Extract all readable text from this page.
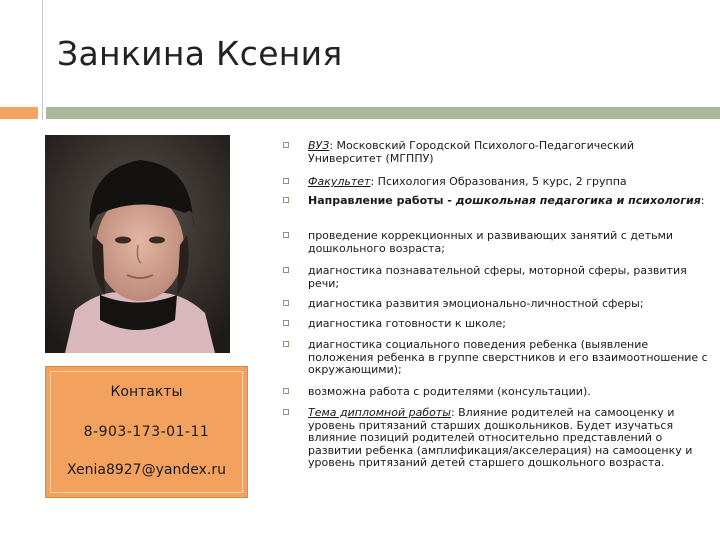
Занкина Ксения
Контакты
8-903-173-01-11
Xenia8927@yandex.ru
ВУЗ: Московский Городской Психолого-Педагогический Университет (МГППУ)
Факультет: Психология Образования, 5 курс, 2 группа
Направление работы - дошкольная педагогика и психология:
проведение коррекционных и развивающих занятий с детьми дошкольного возраста;
диагностика познавательной сферы, моторной сферы, развития речи;
диагностика развития эмоционально-личностной сферы;
диагностика готовности к школе;
диагностика социального поведения ребенка (выявление положения ребенка в группе сверстников и его взаимоотношение с окружающими);
возможна работа с родителями (консультации).
Тема дипломной работы: Влияние родителей на самооценку и уровень притязаний старших дошкольников. Будет изучаться влияние позиций родителей относительно представлений о развитии ребенка (амплификация/акселерация) на самооценку и уровень притязаний детей старшего дошкольного возраста.
